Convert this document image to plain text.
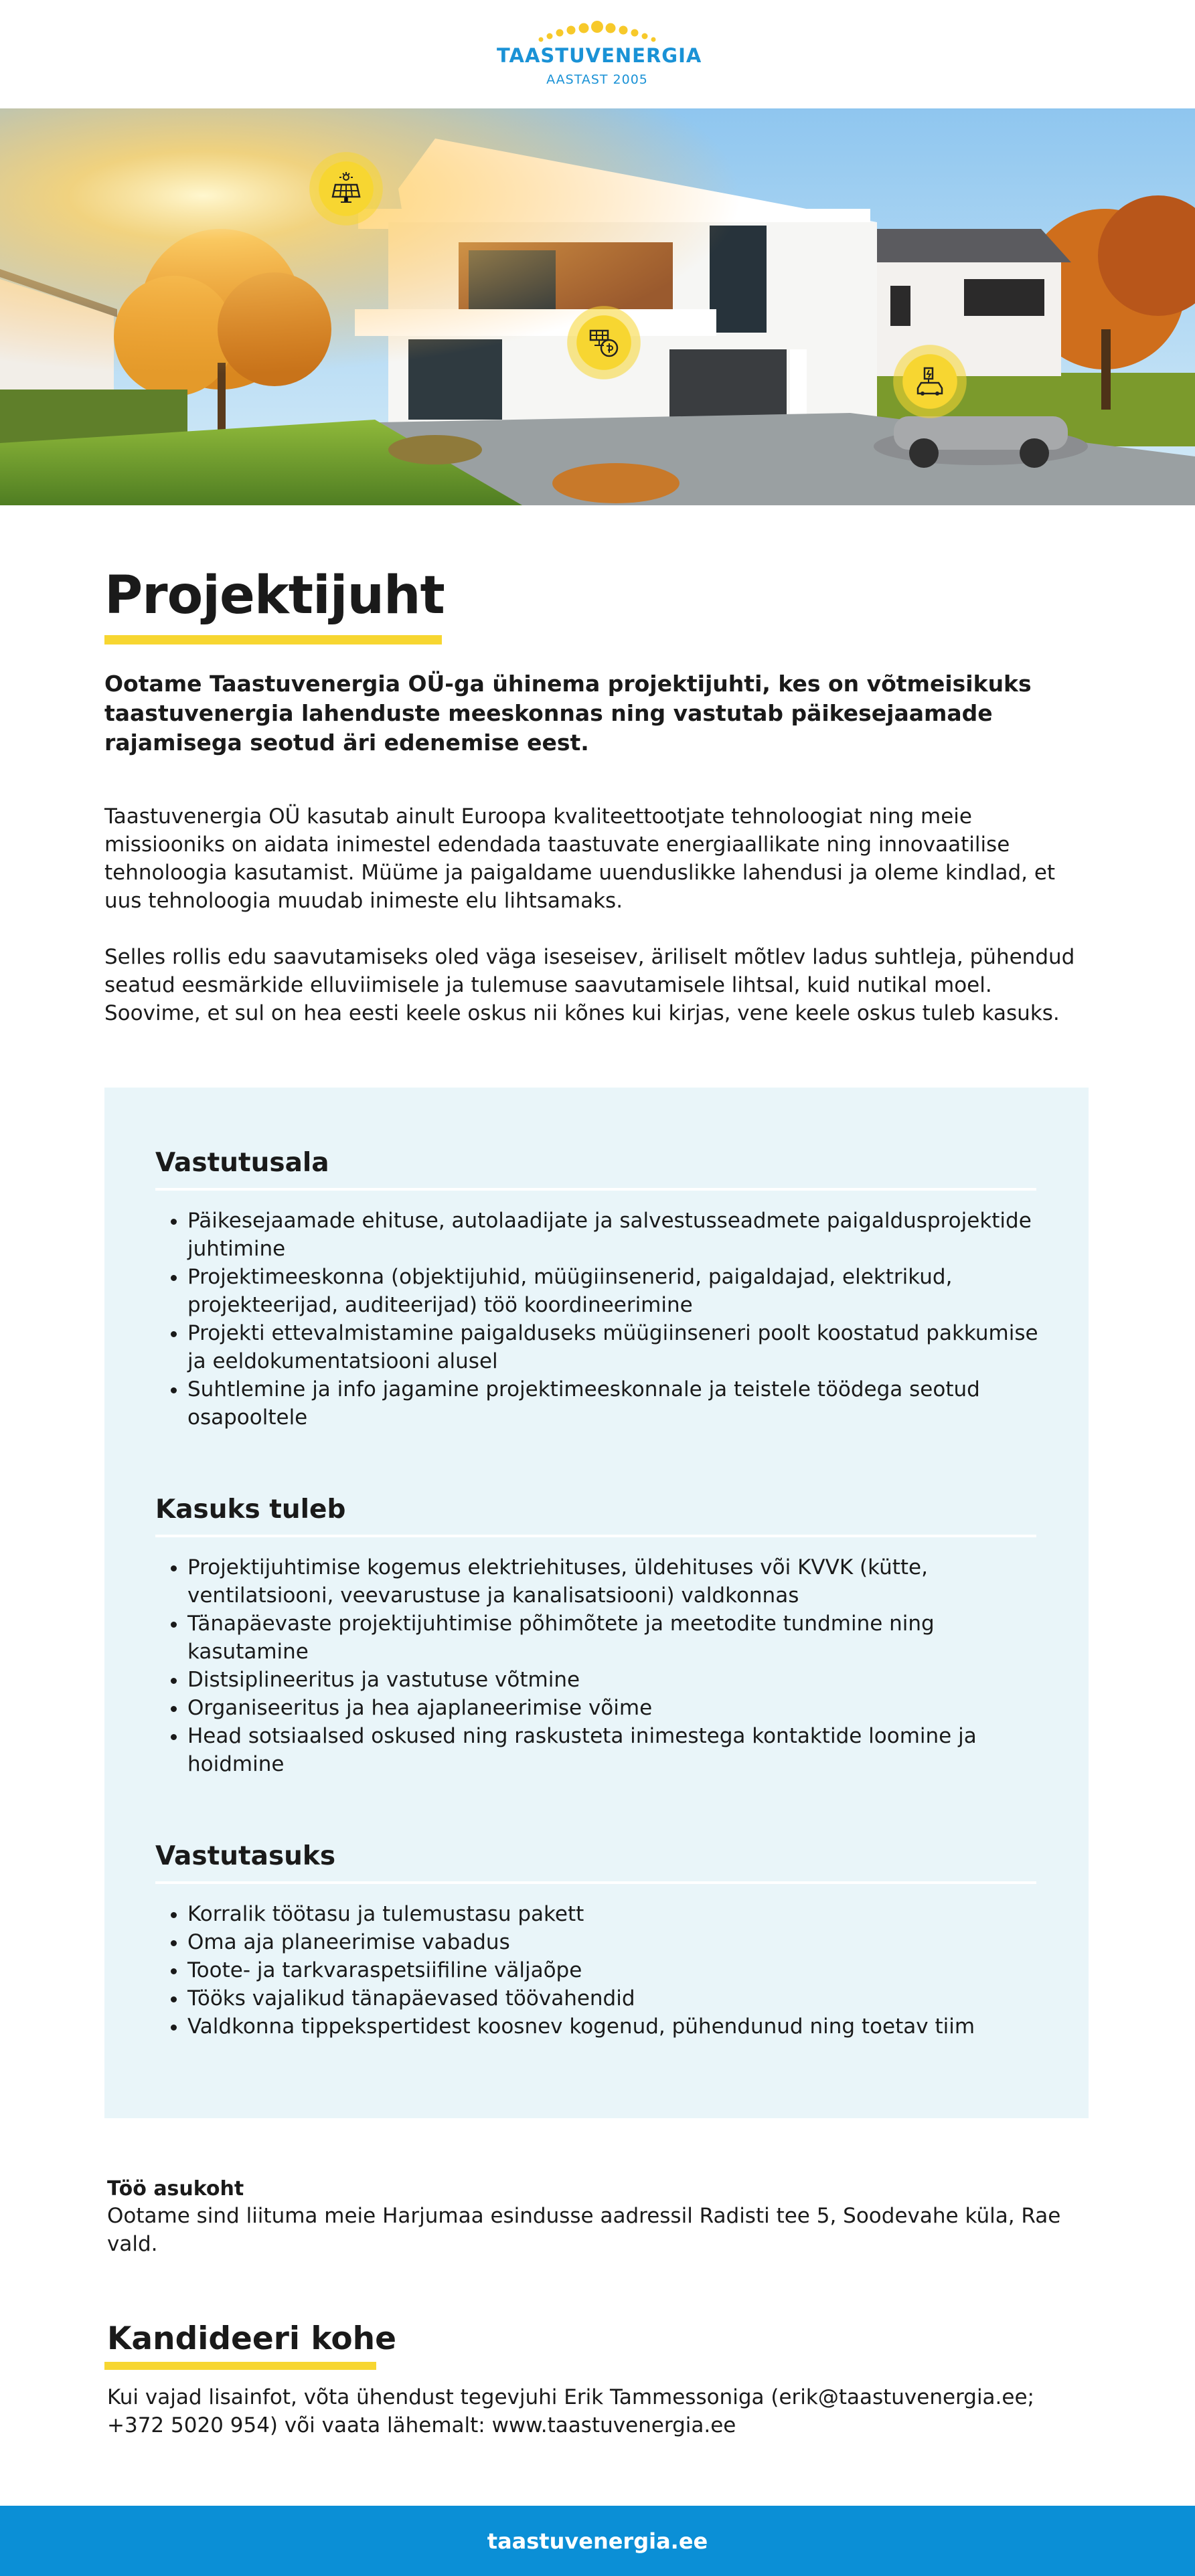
TAASTUVENERGIA
AASTAST 2005
Projektijuht

Ootame Taastuvenergia OÜ-ga ühinema projektijuhti, kes on võtmeisikuks taastuvenergia lahenduste meeskonnas ning vastutab päikesejaamade rajamisega seotud äri edenemise eest.

Taastuvenergia OÜ kasutab ainult Euroopa kvaliteettootjate tehnoloogiat ning meie missiooniks on aidata inimestel edendada taastuvate energiaallikate ning innovaatilise tehnoloogia kasutamist. Müüme ja paigaldame uuenduslikke lahendusi ja oleme kindlad, et uus tehnoloogia muudab inimeste elu lihtsamaks.

Selles rollis edu saavutamiseks oled väga iseseisev, äriliselt mõtlev ladus suhtleja, pühendud seatud eesmärkide elluviimisele ja tulemuse saavutamisele lihtsal, kuid nutikal moel. Soovime, et sul on hea eesti keele oskus nii kõnes kui kirjas, vene keele oskus tuleb kasuks.

Vastutusala
• Päikesejaamade ehituse, autolaadijate ja salvestusseadmete paigaldusprojektide juhtimine
• Projektimeeskonna (objektijuhid, müügiinsenerid, paigaldajad, elektrikud, projekteerijad, auditeerijad) töö koordineerimine
• Projekti ettevalmistamine paigalduseks müügiinseneri poolt koostatud pakkumise ja eeldokumentatsiooni alusel
• Suhtlemine ja info jagamine projektimeeskonnale ja teistele töödega seotud osapooltele
Kasuks tuleb
• Projektijuhtimise kogemus elektriehituses, üldehituses või KVVK (kütte, ventilatsiooni, veevarustuse ja kanalisatsiooni) valdkonnas
• Tänapäevaste projektijuhtimise põhimõtete ja meetodite tundmine ning kasutamine
• Distsiplineeritus ja vastutuse võtmine
• Organiseeritus ja hea ajaplaneerimise võime
• Head sotsiaalsed oskused ning raskusteta inimestega kontaktide loomine ja hoidmine
Vastutasuks
• Korralik töötasu ja tulemustasu pakett
• Oma aja planeerimise vabadus
• Toote- ja tarkvaraspetsiifiline väljaõpe
• Tööks vajalikud tänapäevased töövahendid
• Valdkonna tippekspertidest koosnev kogenud, pühendunud ning toetav tiim

Töö asukoht

Ootame sind liituma meie Harjumaa esindusse aadressil Radisti tee 5, Soodevahe küla, Rae vald.

Kandideeri kohe

Kui vajad lisainfot, võta ühendust tegevjuhi Erik Tammessoniga (erik@taastuvenergia.ee; +372 5020 954) või vaata lähemalt: www.taastuvenergia.ee

taastuvenergia.ee
